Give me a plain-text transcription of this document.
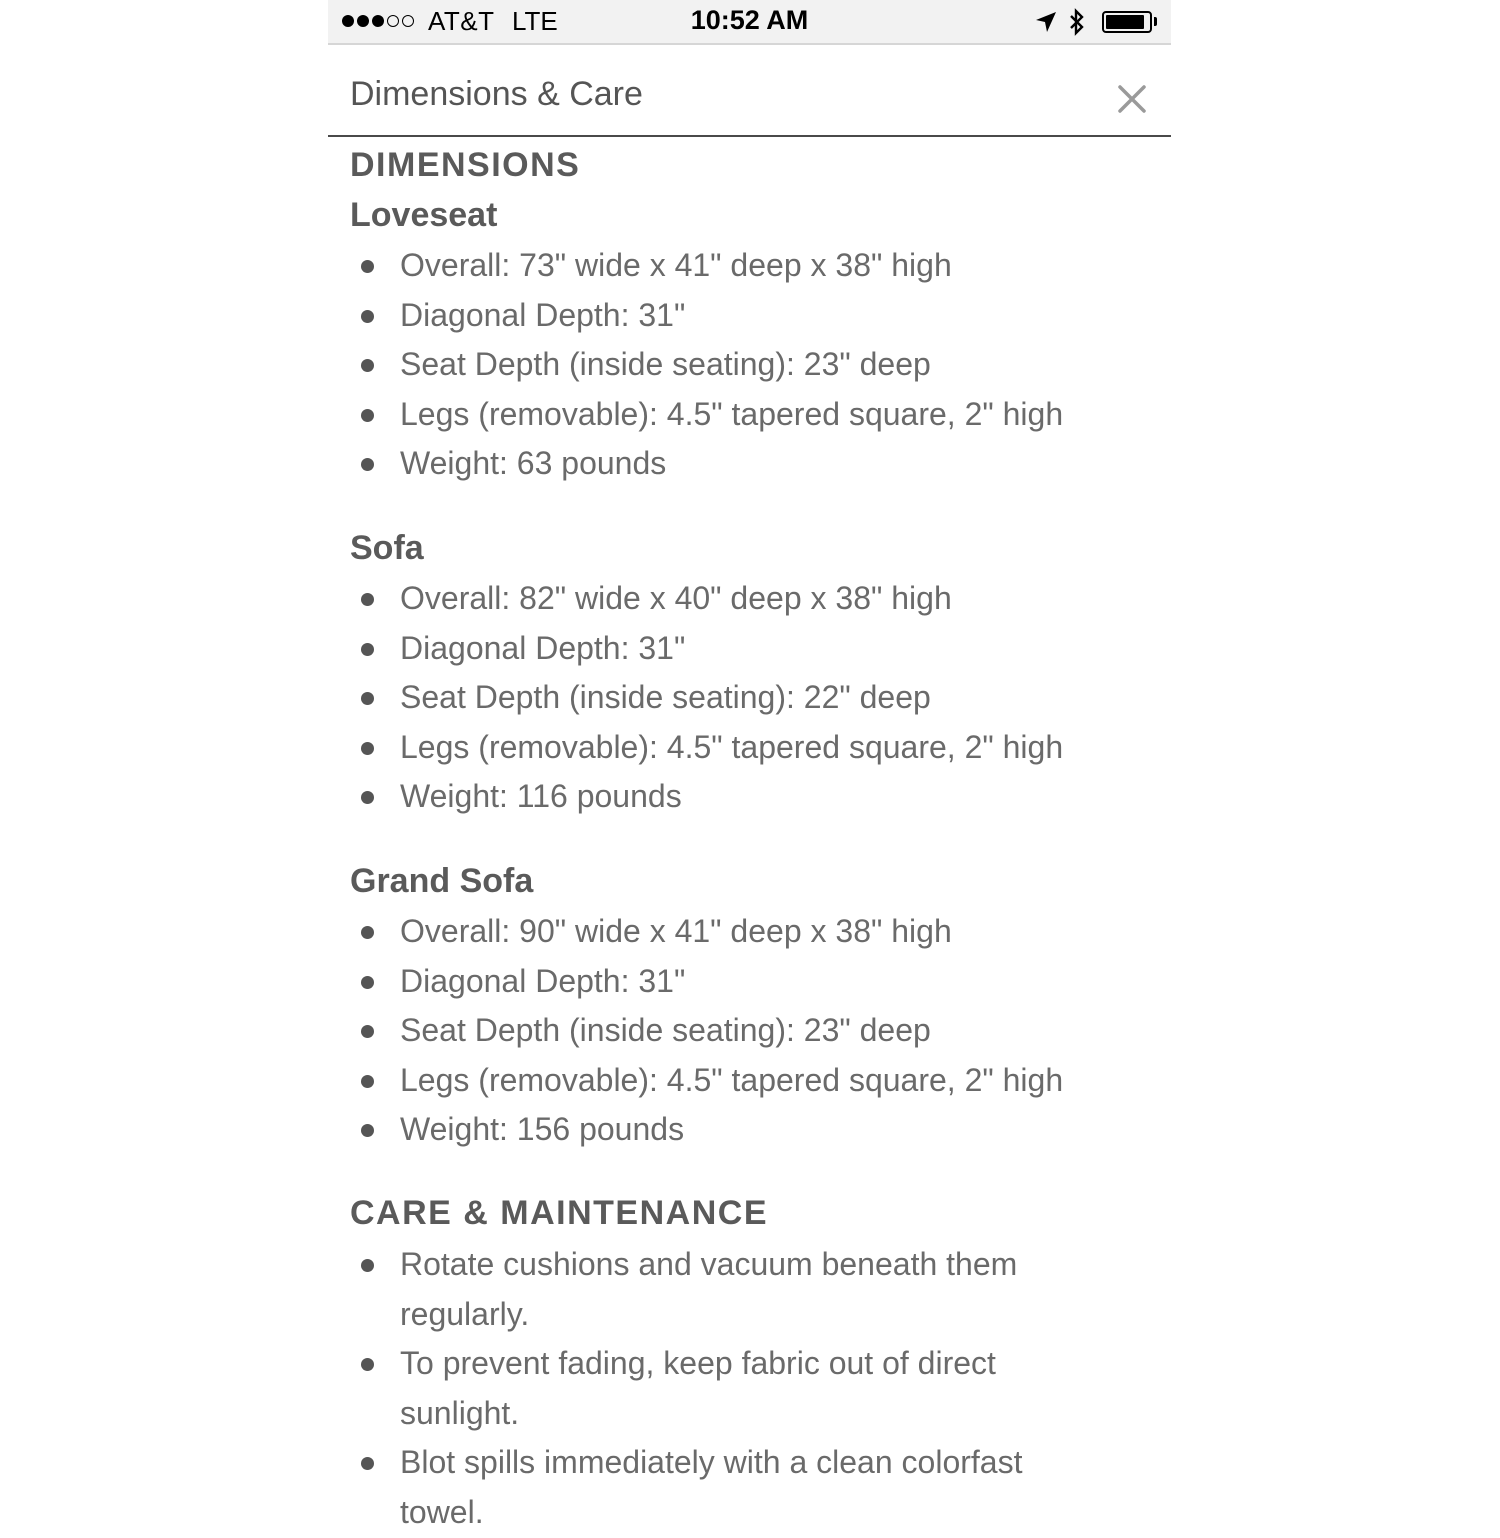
AT&T LTE	10:52 AM
Dimensions & Care
DIMENSIONS
Loveseat
Overall: 73" wide x 41" deep x 38" high
Diagonal Depth: 31"
Seat Depth (inside seating): 23" deep
Legs (removable): 4.5" tapered square, 2" high
Weight: 63 pounds
Sofa
Overall: 82" wide x 40" deep x 38" high
Diagonal Depth: 31"
Seat Depth (inside seating): 22" deep
Legs (removable): 4.5" tapered square, 2" high
Weight: 116 pounds
Grand Sofa
Overall: 90" wide x 41" deep x 38" high
Diagonal Depth: 31"
Seat Depth (inside seating): 23" deep
Legs (removable): 4.5" tapered square, 2" high
Weight: 156 pounds
CARE & MAINTENANCE
Rotate cushions and vacuum beneath them regularly.
To prevent fading, keep fabric out of direct sunlight.
Blot spills immediately with a clean colorfast towel.
